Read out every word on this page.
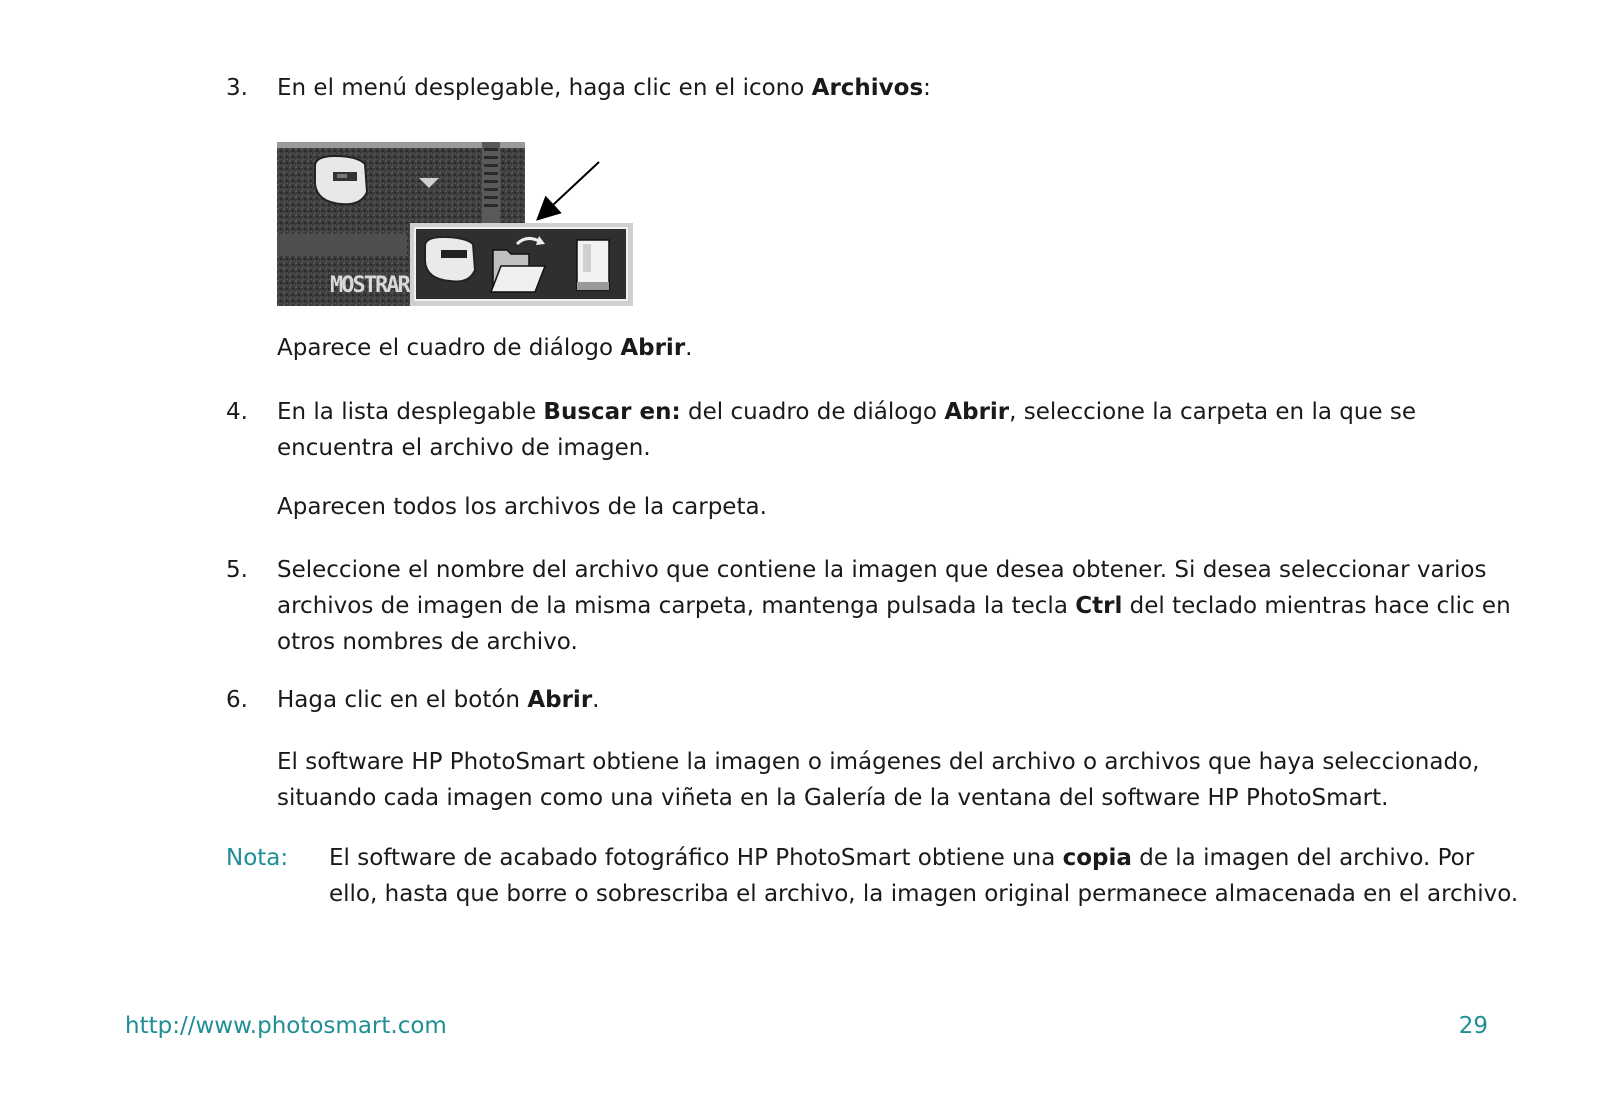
3. En el menú desplegable, haga clic en el icono Archivos:
MOSTRAR
Aparece el cuadro de diálogo Abrir.
4. En la lista desplegable Buscar en: del cuadro de diálogo Abrir, seleccione la carpeta en la que se encuentra el archivo de imagen.
Aparecen todos los archivos de la carpeta.
5. Seleccione el nombre del archivo que contiene la imagen que desea obtener. Si desea seleccionar varios archivos de imagen de la misma carpeta, mantenga pulsada la tecla Ctrl del teclado mientras hace clic en otros nombres de archivo.
6. Haga clic en el botón Abrir.
El software HP PhotoSmart obtiene la imagen o imágenes del archivo o archivos que haya seleccionado, situando cada imagen como una viñeta en la Galería de la ventana del software HP PhotoSmart.
Nota: El software de acabado fotográfico HP PhotoSmart obtiene una copia de la imagen del archivo. Por ello, hasta que borre o sobrescriba el archivo, la imagen original permanece almacenada en el archivo.
http://www.photosmart.com	29
